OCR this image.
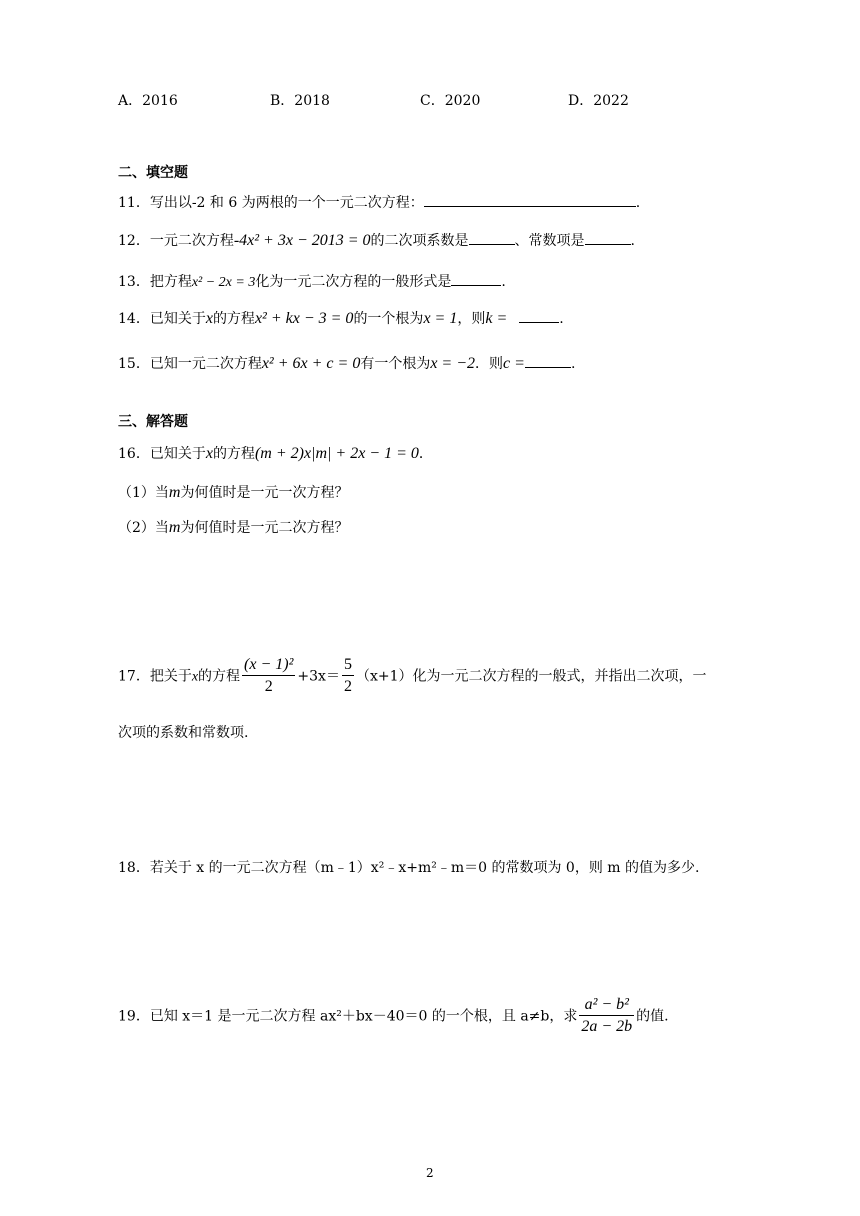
A．2016	B．2018	C．2020	D．2022
二、填空题
11．写出以-2 和 6 为两根的一个一元二次方程：	.
12．一元二次方程-4x² + 3x − 2013 = 0的二次项系数是	、常数项是	.
13．把方程x² − 2x = 3化为一元二次方程的一般形式是	.
14．已知关于x的方程x² + kx − 3 = 0的一个根为x = 1，则k =	.
15．已知一元二次方程x² + 6x + c = 0有一个根为x = −2．则c =	.
三、解答题
16．已知关于x的方程(m + 2)x|m| + 2x − 1 = 0．
（1）当m为何值时是一元一次方程？
（2）当m为何值时是一元二次方程？
17．把关于x的方程 $\frac{\text{(x − 1)²}}{2} +3x= \frac{5}{2} (x+1)$化为一元二次方程的一般式，并指出二次项，一
次项的系数和常数项.
18．若关于 x 的一元二次方程（m﹣1）x²﹣x+m²﹣m＝0 的常数项为 0，则 m 的值为多少.
19．已知 x＝1 是一元二次方程 ax²＋bx－40＝0 的一个根，且 a≠b，求 $\frac{\text{a² − b²}}{2a - 2b}$ 的值.
2
